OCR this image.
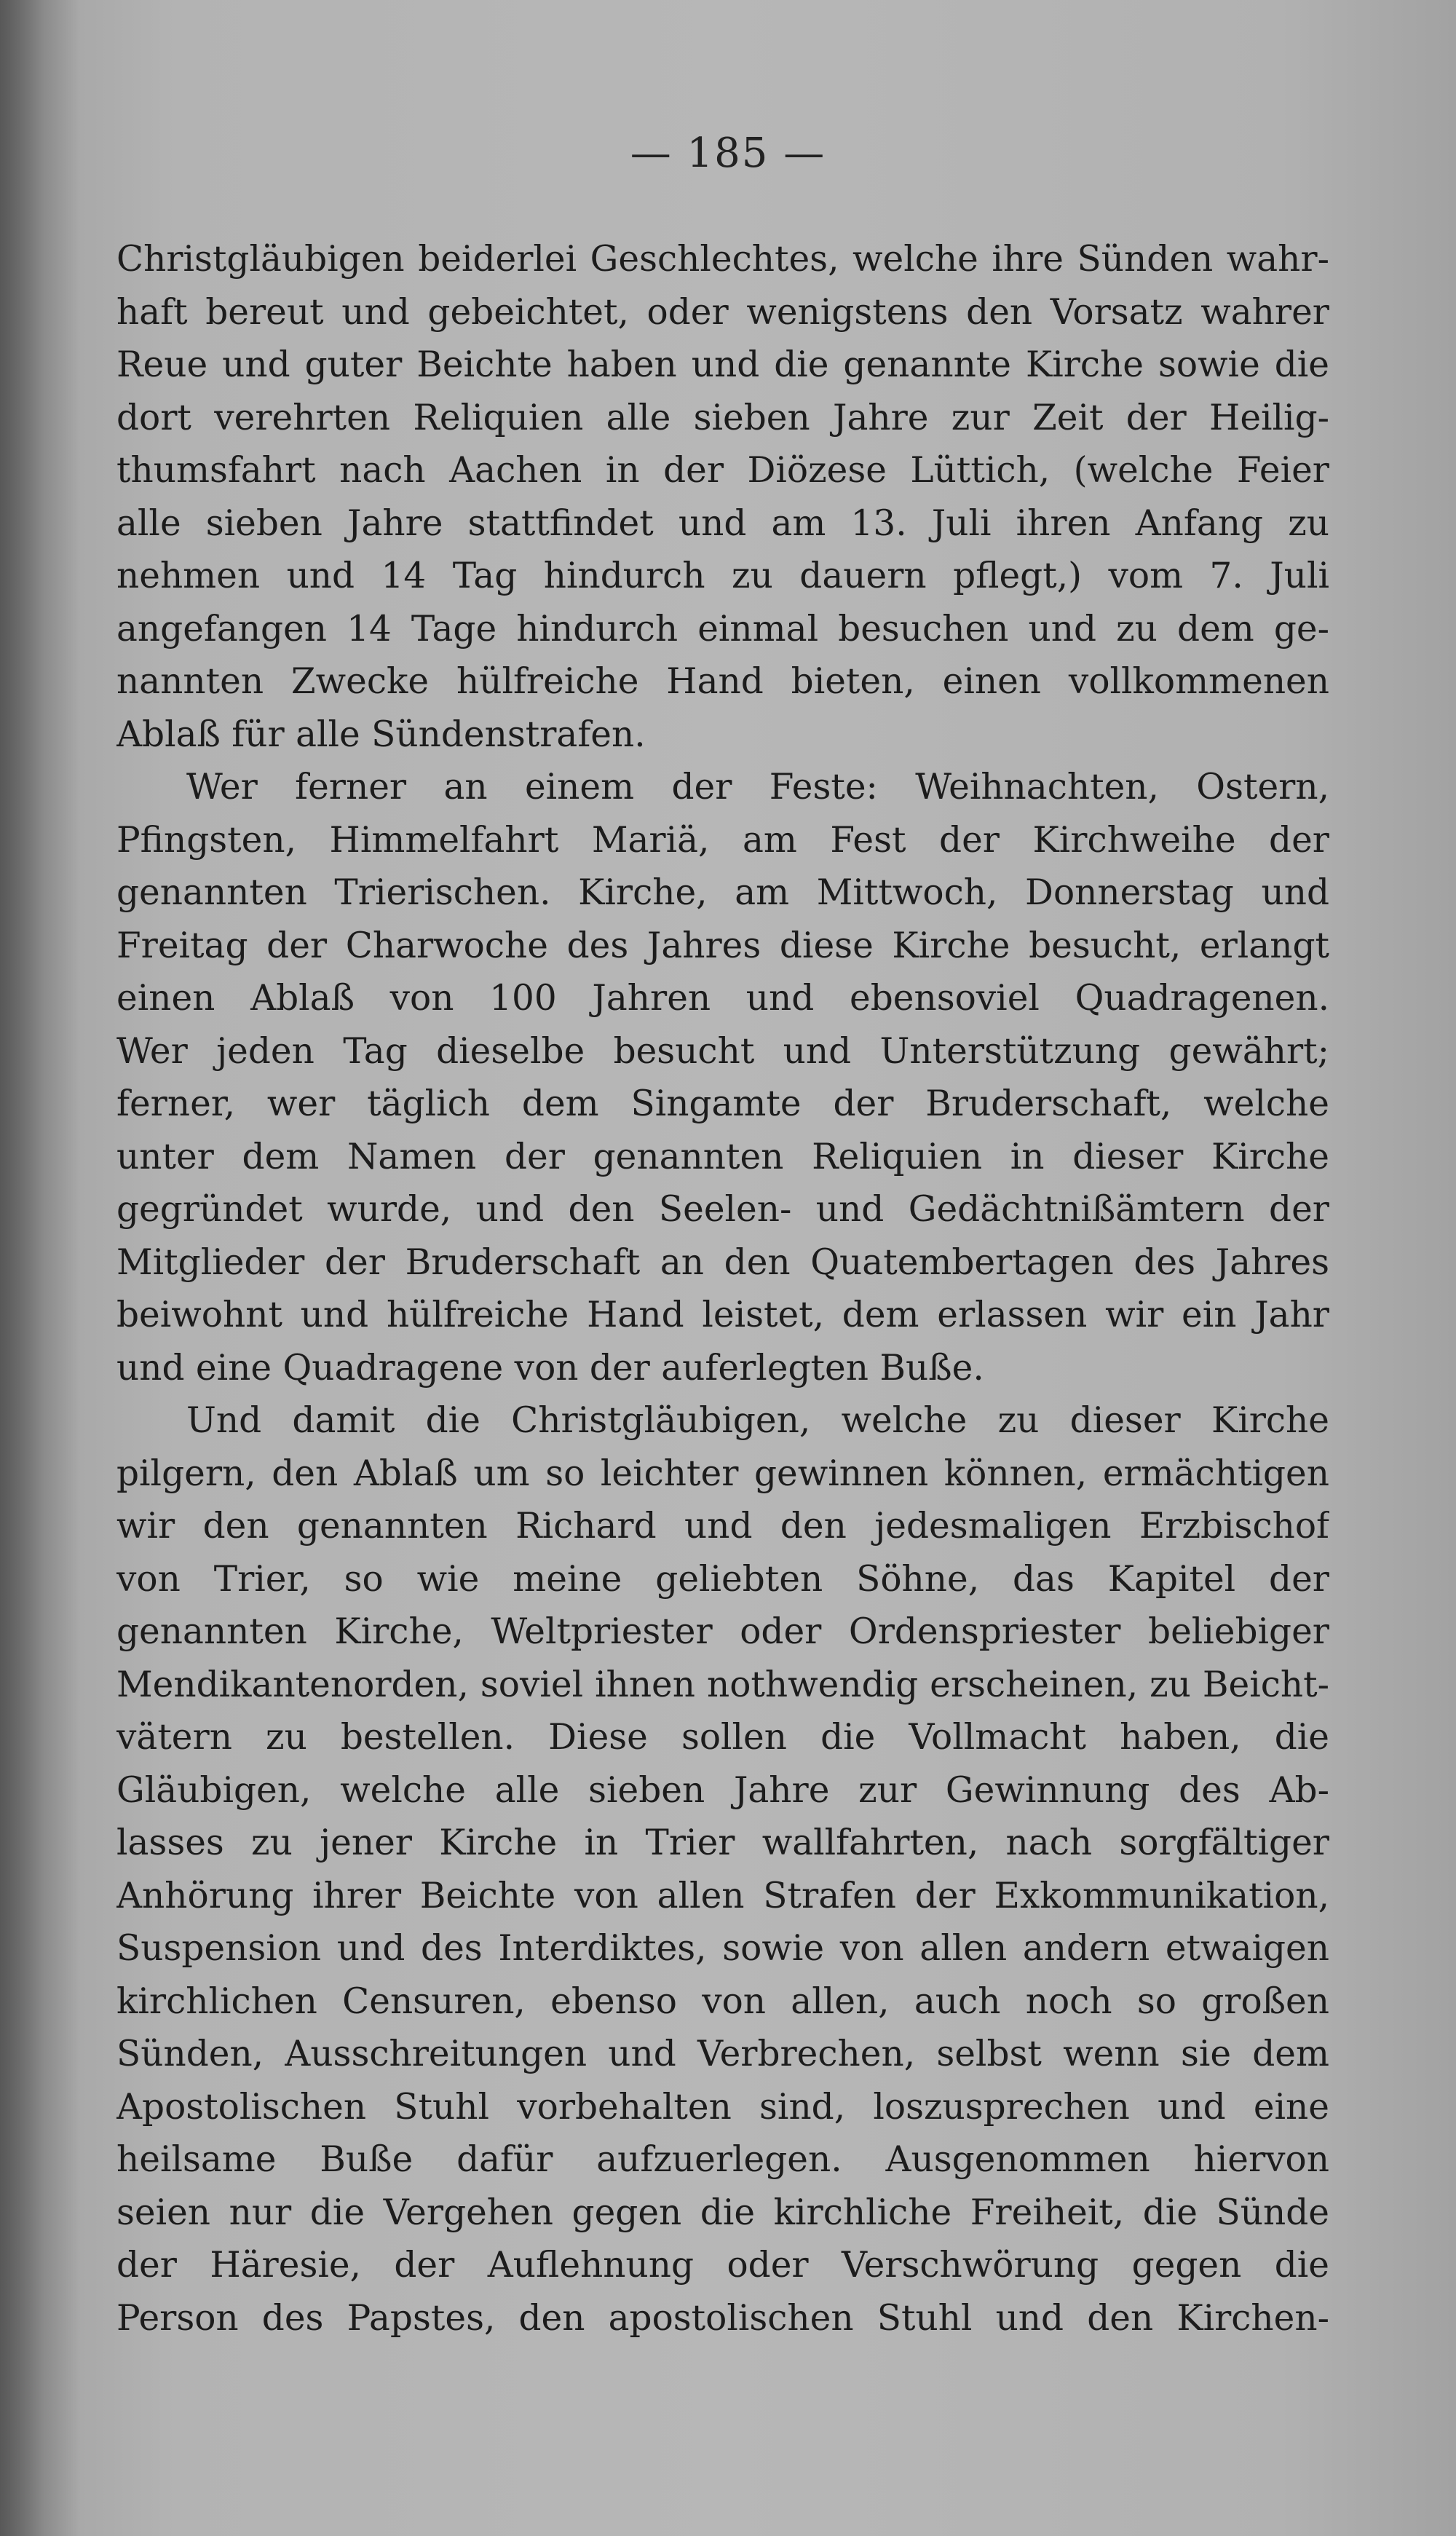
— 185 —
Christgläubigen beiderlei Geschlechtes, welche ihre Sünden wahr-
haft bereut und gebeichtet, oder wenigstens den Vorsatz wahrer
Reue und guter Beichte haben und die genannte Kirche sowie die
dort verehrten Reliquien alle sieben Jahre zur Zeit der Heilig-
thumsfahrt nach Aachen in der Diözese Lüttich, (welche Feier
alle sieben Jahre stattfindet und am 13. Juli ihren Anfang zu
nehmen und 14 Tag hindurch zu dauern pflegt,) vom 7. Juli
angefangen 14 Tage hindurch einmal besuchen und zu dem ge-
nannten Zwecke hülfreiche Hand bieten, einen vollkommenen
Ablaß für alle Sündenstrafen.
Wer ferner an einem der Feste: Weihnachten, Ostern,
Pfingsten, Himmelfahrt Mariä, am Fest der Kirchweihe der
genannten Trierischen. Kirche, am Mittwoch, Donnerstag und
Freitag der Charwoche des Jahres diese Kirche besucht, erlangt
einen Ablaß von 100 Jahren und ebensoviel Quadragenen.
Wer jeden Tag dieselbe besucht und Unterstützung gewährt;
ferner, wer täglich dem Singamte der Bruderschaft, welche
unter dem Namen der genannten Reliquien in dieser Kirche
gegründet wurde, und den Seelen- und Gedächtnißämtern der
Mitglieder der Bruderschaft an den Quatembertagen des Jahres
beiwohnt und hülfreiche Hand leistet, dem erlassen wir ein Jahr
und eine Quadragene von der auferlegten Buße.
Und damit die Christgläubigen, welche zu dieser Kirche
pilgern, den Ablaß um so leichter gewinnen können, ermächtigen
wir den genannten Richard und den jedesmaligen Erzbischof
von Trier, so wie meine geliebten Söhne, das Kapitel der
genannten Kirche, Weltpriester oder Ordenspriester beliebiger
Mendikantenorden, soviel ihnen nothwendig erscheinen, zu Beicht-
vätern zu bestellen. Diese sollen die Vollmacht haben, die
Gläubigen, welche alle sieben Jahre zur Gewinnung des Ab-
lasses zu jener Kirche in Trier wallfahrten, nach sorgfältiger
Anhörung ihrer Beichte von allen Strafen der Exkommunikation,
Suspension und des Interdiktes, sowie von allen andern etwaigen
kirchlichen Censuren, ebenso von allen, auch noch so großen
Sünden, Ausschreitungen und Verbrechen, selbst wenn sie dem
Apostolischen Stuhl vorbehalten sind, loszusprechen und eine
heilsame Buße dafür aufzuerlegen. Ausgenommen hiervon
seien nur die Vergehen gegen die kirchliche Freiheit, die Sünde
der Häresie, der Auflehnung oder Verschwörung gegen die
Person des Papstes, den apostolischen Stuhl und den Kirchen-
